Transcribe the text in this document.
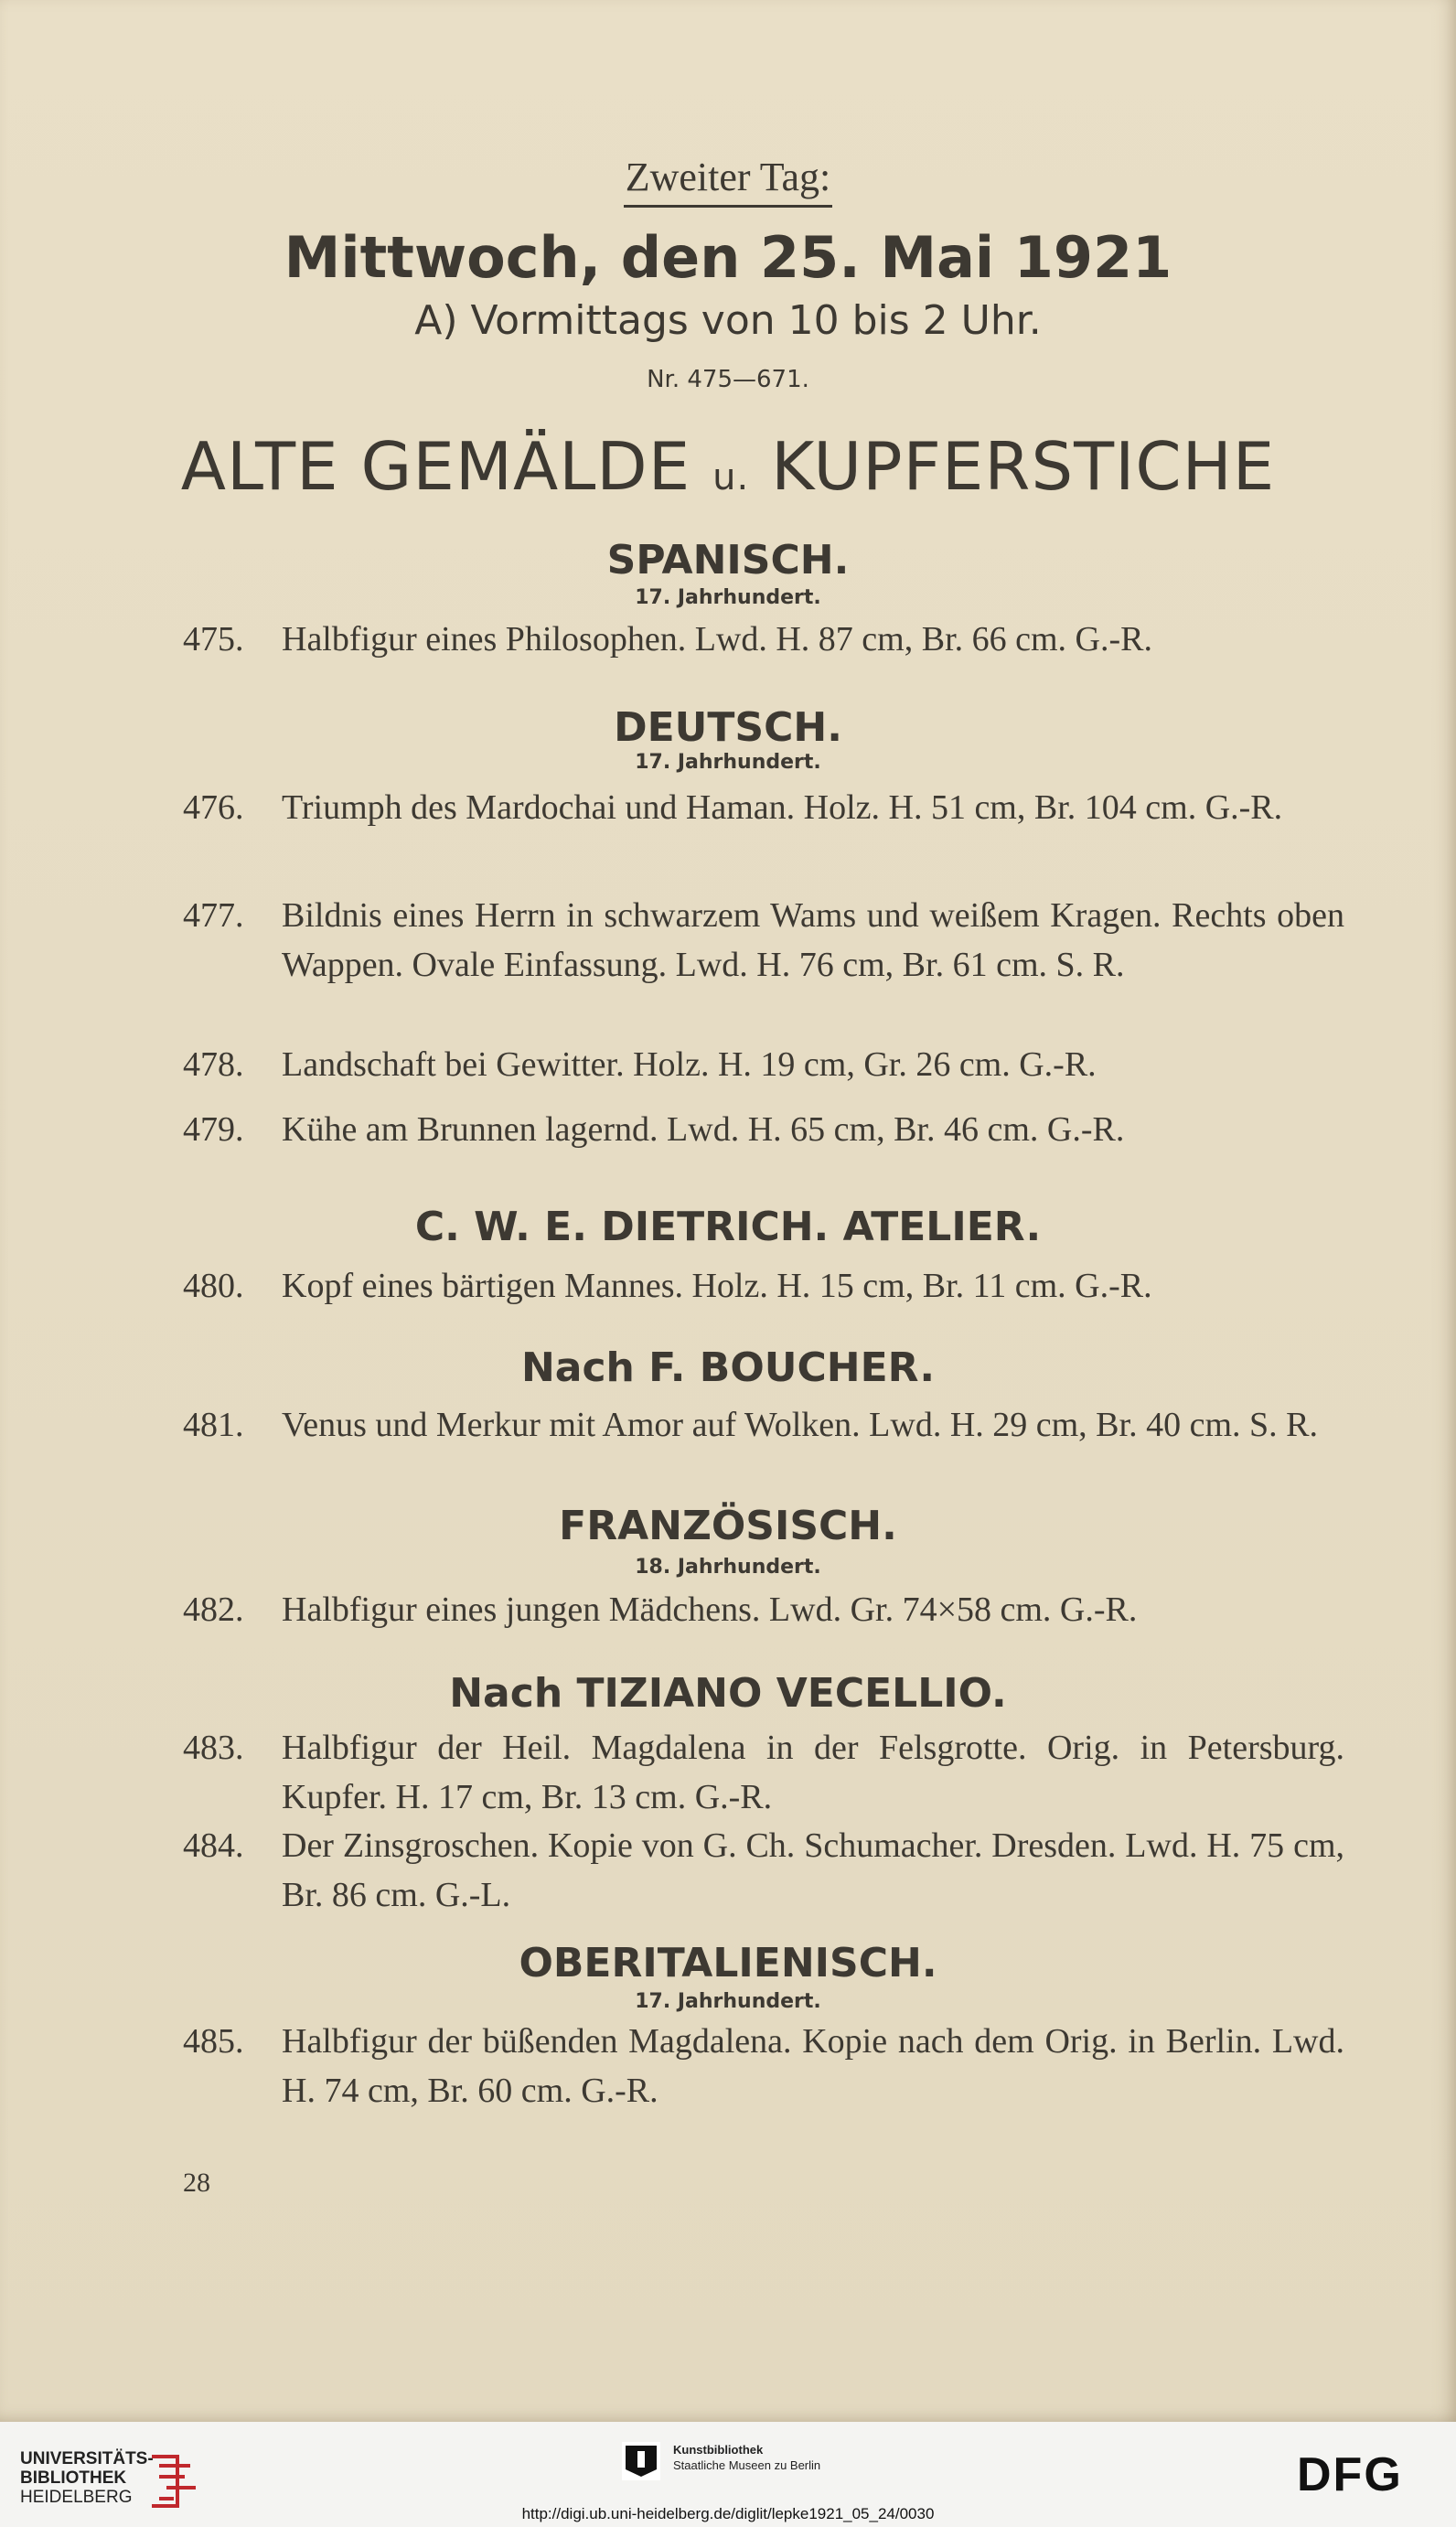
Zweiter Tag:
Mittwoch, den 25. Mai 1921
A) Vormittags von 10 bis 2 Uhr.
Nr. 475—671.
ALTE GEMÄLDE u. KUPFERSTICHE
SPANISCH.
17. Jahrhundert.
475. Halbfigur eines Philosophen. Lwd. H. 87 cm, Br. 66 cm. G.-R.
DEUTSCH.
17. Jahrhundert.
476. Triumph des Mardochai und Haman. Holz. H. 51 cm, Br. 104 cm. G.-R.
477. Bildnis eines Herrn in schwarzem Wams und weißem Kragen. Rechts oben Wappen. Ovale Einfassung. Lwd. H. 76 cm, Br. 61 cm. S. R.
478. Landschaft bei Gewitter. Holz. H. 19 cm, Gr. 26 cm. G.-R.
479. Kühe am Brunnen lagernd. Lwd. H. 65 cm, Br. 46 cm. G.-R.
C. W. E. DIETRICH. ATELIER.
480. Kopf eines bärtigen Mannes. Holz. H. 15 cm, Br. 11 cm. G.-R.
Nach F. BOUCHER.
481. Venus und Merkur mit Amor auf Wolken. Lwd. H. 29 cm, Br. 40 cm. S. R.
FRANZÖSISCH.
18. Jahrhundert.
482. Halbfigur eines jungen Mädchens. Lwd. Gr. 74×58 cm. G.-R.
Nach TIZIANO VECELLIO.
483. Halbfigur der Heil. Magdalena in der Felsgrotte. Orig. in Petersburg. Kupfer. H. 17 cm, Br. 13 cm. G.-R.
484. Der Zinsgroschen. Kopie von G. Ch. Schumacher. Dresden. Lwd. H. 75 cm, Br. 86 cm. G.-L.
OBERITALIENISCH.
17. Jahrhundert.
485. Halbfigur der büßenden Magdalena. Kopie nach dem Orig. in Berlin. Lwd. H. 74 cm, Br. 60 cm. G.-R.
28
UNIVERSITÄTS-
BIBLIOTHEK
HEIDELBERG
Kunstbibliothek
Staatliche Museen zu Berlin	DFG
http://digi.ub.uni-heidelberg.de/diglit/lepke1921_05_24/0030
